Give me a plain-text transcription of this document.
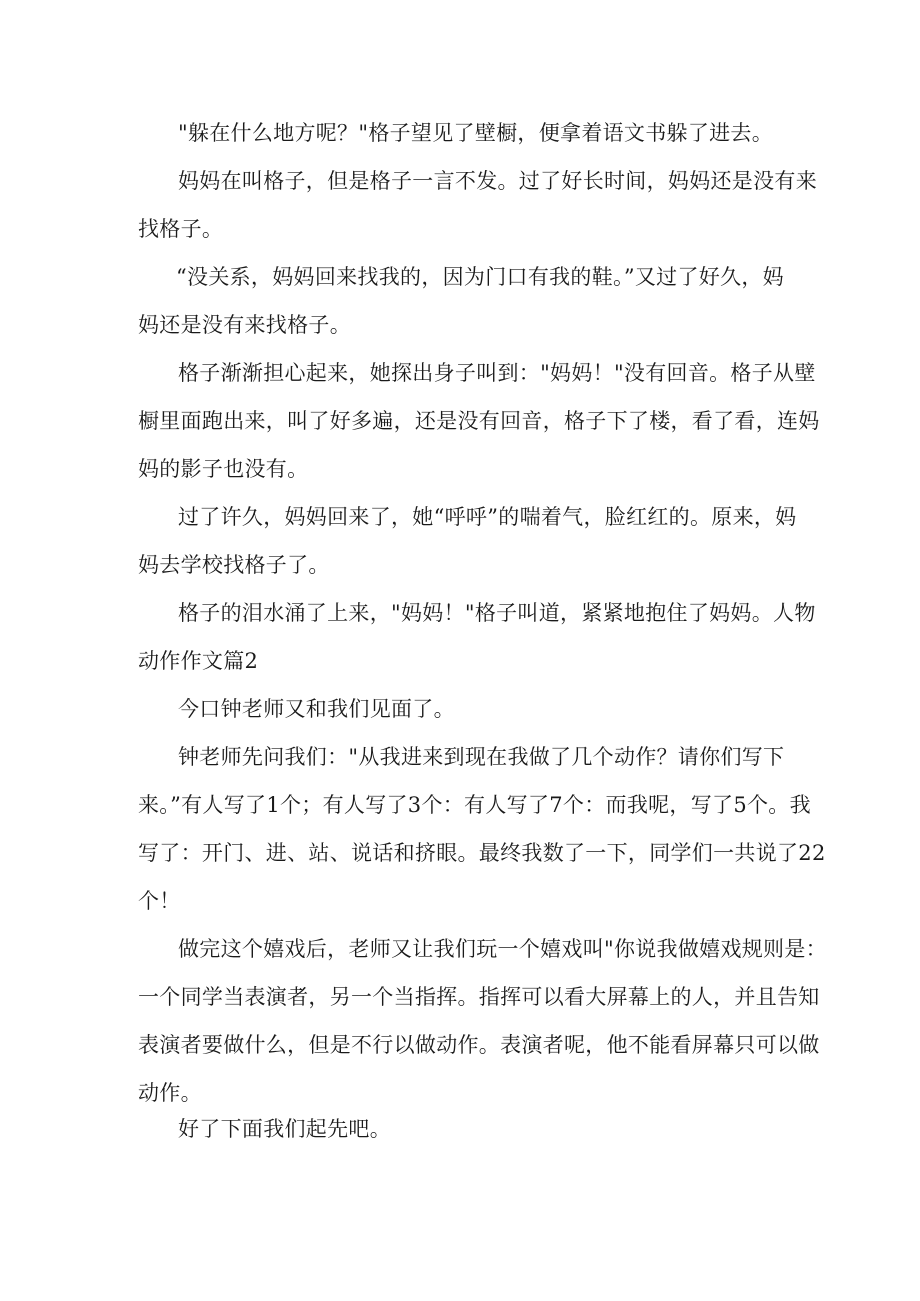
"躲在什么地方呢？"格子望见了壁橱，便拿着语文书躲了进去。
妈妈在叫格子，但是格子一言不发。过了好长时间，妈妈还是没有来
找格子。
“没关系，妈妈回来找我的，因为门口有我的鞋。”又过了好久，妈
妈还是没有来找格子。
格子渐渐担心起来，她探出身子叫到："妈妈！"没有回音。格子从壁
橱里面跑出来，叫了好多遍，还是没有回音，格子下了楼，看了看，连妈
妈的影子也没有。
过了许久，妈妈回来了，她“呼呼”的喘着气，脸红红的。原来，妈
妈去学校找格子了。
格子的泪水涌了上来，"妈妈！"格子叫道，紧紧地抱住了妈妈。人物
动作作文篇2
今口钟老师又和我们见面了。
钟老师先问我们："从我进来到现在我做了几个动作？请你们写下
来。”有人写了1个；有人写了3个：有人写了7个：而我呢，写了5个。我
写了：开门、进、站、说话和挤眼。最终我数了一下，同学们一共说了22
个！
做完这个嬉戏后，老师又让我们玩一个嬉戏叫"你说我做嬉戏规则是：
一个同学当表演者，另一个当指挥。指挥可以看大屏幕上的人，并且告知
表演者要做什么，但是不行以做动作。表演者呢，他不能看屏幕只可以做
动作。
好了下面我们起先吧。
